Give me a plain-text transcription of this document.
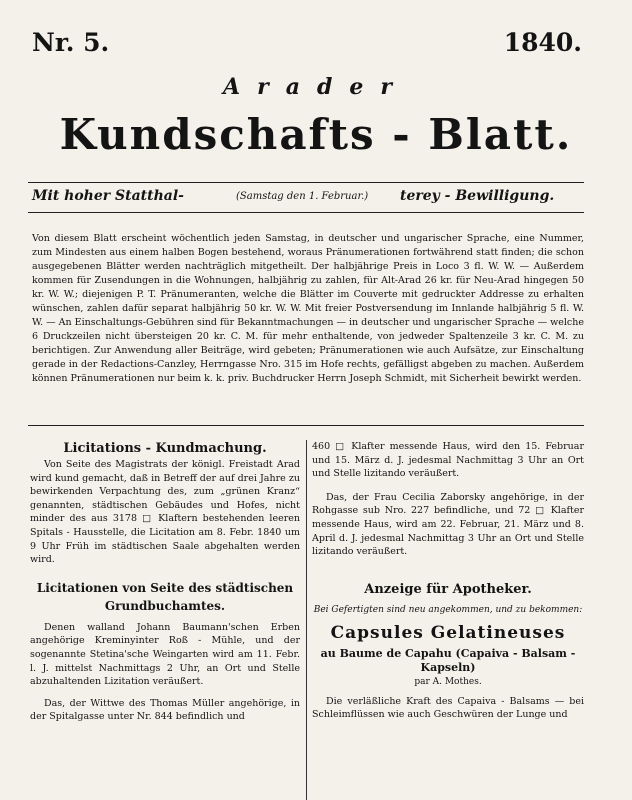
Nr. 5.	1840.
Arader
Kundschafts - Blatt.
Mit hoher Statthal-	(Samstag den 1. Februar.) terey - Bewilligung.
Von diesem Blatt erscheint wöchentlich jeden Samstag, in deutscher und ungarischer Sprache, eine Nummer, zum Mindesten aus einem halben Bogen bestehend, woraus Pränumerationen fortwährend statt finden; die schon ausgegebenen Blätter werden nachträglich mitgetheilt. Der halbjährige Preis in Loco 3 fl. W. W. — Außerdem kommen für Zusendungen in die Wohnungen, halbjährig zu zahlen, für Alt-Arad 26 kr. für Neu-Arad hingegen 50 kr. W. W.; diejenigen P. T. Pränumeranten, welche die Blätter im Couverte mit gedruckter Addresse zu erhalten wünschen, zahlen dafür separat halbjährig 50 kr. W. W. Mit freier Postversendung im Innlande halbjährig 5 fl. W. W. — An Einschaltungs-Gebühren sind für Bekanntmachungen — in deutscher und ungarischer Sprache — welche 6 Druckzeilen nicht übersteigen 20 kr. C. M. für mehr enthaltende, von jedweder Spaltenzeile 3 kr. C. M. zu berichtigen. Zur Anwendung aller Beiträge, wird gebeten; Pränumerationen wie auch Aufsätze, zur Einschaltung gerade in der Redactions-Canzley, Herrngasse Nro. 315 im Hofe rechts, gefälligst abgeben zu machen. Außerdem können Pränumerationen nur beim k. k. priv. Buchdrucker Herrn Joseph Schmidt, mit Sicherheit bewirkt werden.
Licitations - Kundmachung.

Von Seite des Magistrats der königl. Freistadt Arad wird kund gemacht, daß in Betreff der auf drei Jahre zu bewirkenden Verpachtung des, zum „grünen Kranz“ genannten, städtischen Gebäudes und Hofes, nicht minder des aus 3178 □ Klaftern bestehenden leeren Spitals - Hausstelle, die Licitation am 8. Febr. 1840 um 9 Uhr Früh im städtischen Saale abgehalten werden wird.

Licitationen von Seite des städtischen Grundbuchamtes.

Denen walland Johann Baumann'schen Erben angehörige Kreminyinter Roß - Mühle, und der sogenannte Stetina'sche Weingarten wird am 11. Febr. l. J. mittelst Nachmittags 2 Uhr, an Ort und Stelle abzuhaltenden Lizitation veräußert.

Das, der Wittwe des Thomas Müller angehörige, in der Spitalgasse unter Nr. 844 befindlich und

460 □ Klafter messende Haus, wird den 15. Februar und 15. März d. J. jedesmal Nachmittag 3 Uhr an Ort und Stelle lizitando veräußert.

Das, der Frau Cecilia Zaborsky angehörige, in der Rohgasse sub Nro. 227 befindliche, und 72 □ Klafter messende Haus, wird am 22. Februar, 21. März und 8. April d. J. jedesmal Nachmittag 3 Uhr an Ort und Stelle lizitando veräußert.

Anzeige für Apotheker.
Bei Gefertigten sind neu angekommen, und zu bekommen:
Capsules Gelatineuses
au Baume de Capahu (Capaiva - Balsam - Kapseln)
par A. Mothes.

Die verläßliche Kraft des Capaiva - Balsams — bei Schleimflüssen wie auch Geschwüren der Lunge und
